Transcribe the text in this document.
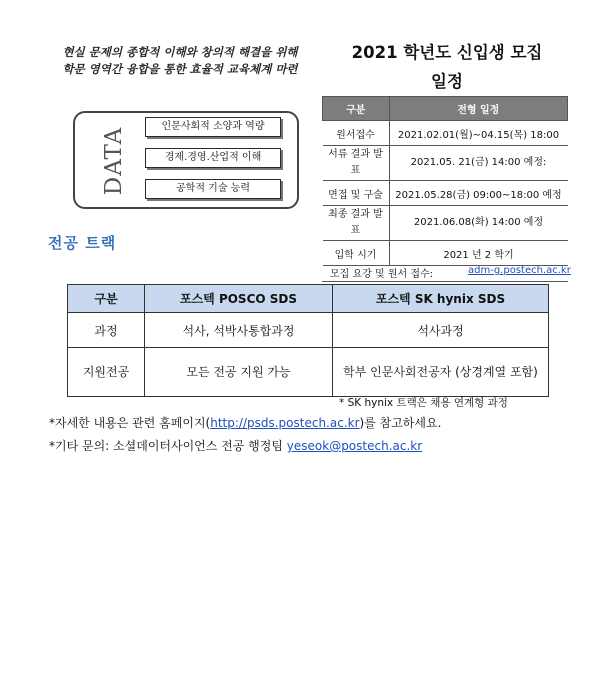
현실 문제의 종합적 이해와 창의적 해결을 위해
학문 영역간 융합을 통한 효율적 교육체계 마련
2021 학년도 신입생 모집
일정
DATA
인문사회적 소양과 역량
경제.경영.산업적 이해
공학적 기술 능력
전공 트랙
구분	전형 일정
원서접수	2021.02.01(월)~04.15(목) 18:00
서류 결과 발표	2021.05. 21(금) 14:00 예정:
면접 및 구술	2021.05.28(금) 09:00~18:00 예정
최종 결과 발표	2021.06.08(화) 14:00 예정
입학 시기	2021 년 2 학기
모집 요강 및 원서 접수:	adm-g.postech.ac.kr
구분	포스텍 POSCO SDS	포스텍 SK hynix SDS
과정	석사, 석박사통합과정	석사과정
지원전공	모든 전공 지원 가능	학부 인문사회전공자 (상경계열 포함)
* SK hynix 트랙은 채용 연계형 과정
*자세한 내용은 관련 홈페이지(http://psds.postech.ac.kr)를 참고하세요.
*기타 문의: 소셜데이터사이언스 전공 행정팀 yeseok@postech.ac.kr
